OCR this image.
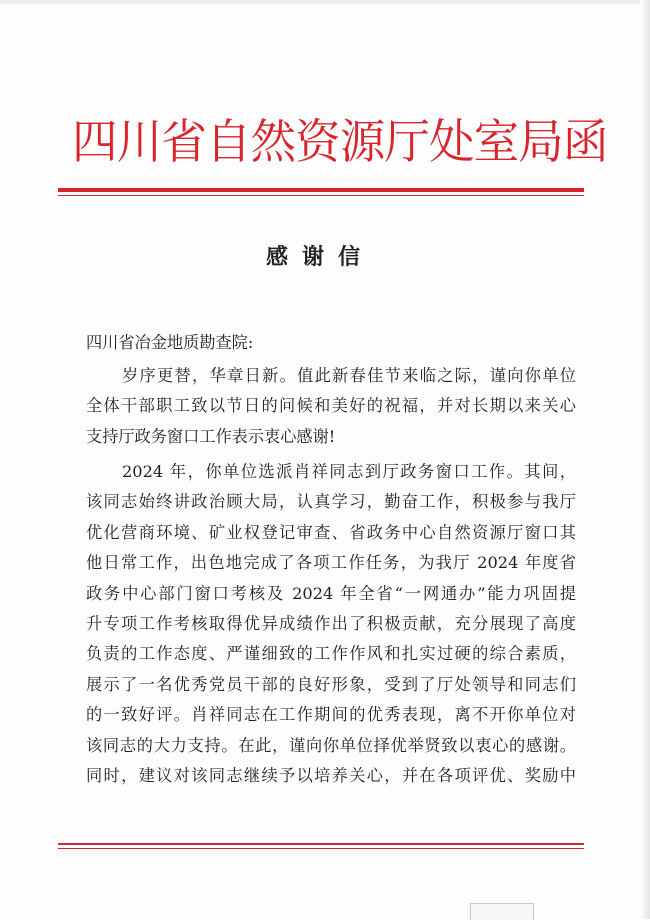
四川省自然资源厅处室局函
感谢信
四川省冶金地质勘查院:
岁序更替，华章日新。值此新春佳节来临之际，谨向你单位
全体干部职工致以节日的问候和美好的祝福，并对长期以来关心
支持厅政务窗口工作表示衷心感谢!
2024 年，你单位选派肖祥同志到厅政务窗口工作。其间，
该同志始终讲政治顾大局，认真学习，勤奋工作，积极参与我厅
优化营商环境、矿业权登记审查、省政务中心自然资源厅窗口其
他日常工作，出色地完成了各项工作任务，为我厅 2024 年度省
政务中心部门窗口考核及 2024 年全省“一网通办”能力巩固提
升专项工作考核取得优异成绩作出了积极贡献，充分展现了高度
负责的工作态度、严谨细致的工作作风和扎实过硬的综合素质，
展示了一名优秀党员干部的良好形象，受到了厅处领导和同志们
的一致好评。肖祥同志在工作期间的优秀表现，离不开你单位对
该同志的大力支持。在此，谨向你单位择优举贤致以衷心的感谢。
同时，建议对该同志继续予以培养关心，并在各项评优、奖励中
